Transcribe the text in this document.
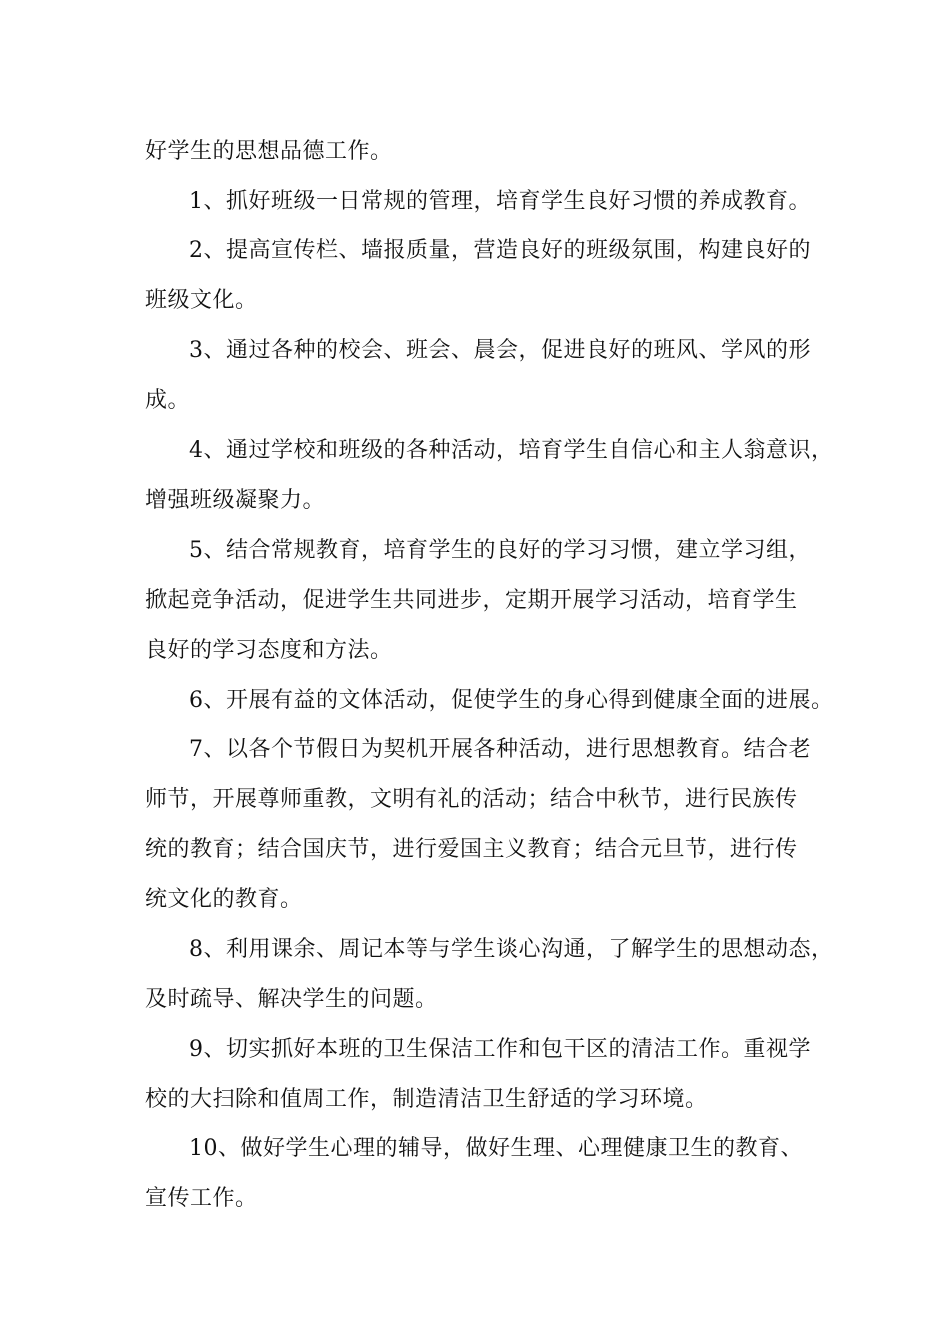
好学生的思想品德工作。
1、抓好班级一日常规的管理，培育学生良好习惯的养成教育。
2、提高宣传栏、墙报质量，营造良好的班级氛围，构建良好的
班级文化。
3、通过各种的校会、班会、晨会，促进良好的班风、学风的形
成。
4、通过学校和班级的各种活动，培育学生自信心和主人翁意识，
增强班级凝聚力。
5、结合常规教育，培育学生的良好的学习习惯，建立学习组，
掀起竞争活动，促进学生共同进步，定期开展学习活动，培育学生
良好的学习态度和方法。
6、开展有益的文体活动，促使学生的身心得到健康全面的进展。
7、以各个节假日为契机开展各种活动，进行思想教育。结合老
师节，开展尊师重教，文明有礼的活动；结合中秋节，进行民族传
统的教育；结合国庆节，进行爱国主义教育；结合元旦节，进行传
统文化的教育。
8、利用课余、周记本等与学生谈心沟通，了解学生的思想动态，
及时疏导、解决学生的问题。
9、切实抓好本班的卫生保洁工作和包干区的清洁工作。重视学
校的大扫除和值周工作，制造清洁卫生舒适的学习环境。
10、做好学生心理的辅导，做好生理、心理健康卫生的教育、
宣传工作。
